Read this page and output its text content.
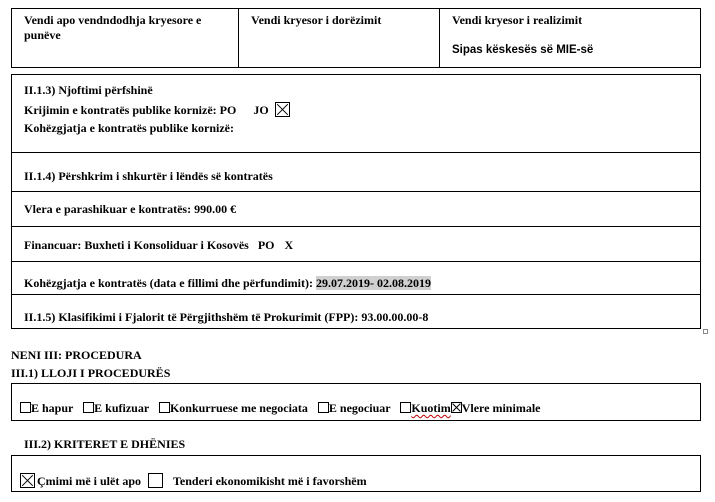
Vendi apo vendndodhja kryesore e punëve
Vendi kryesor i dorëzimit	Vendi kryesor i realizimit
Sipas këskesës së MIE-së
II.1.3) Njoftimi përfshinë
Krijimin e kontratës publike kornizë: PO JO
Kohëzgjatja e kontratës publike kornizë:
II.1.4) Përshkrim i shkurtër i lëndës së kontratës
Vlera e parashikuar e kontratës: 990.00 €
Financuar: Buxheti i Konsoliduar i Kosovës PO X
Kohëzgjatja e kontratës (data e fillimi dhe përfundimit): 29.07.2019- 02.08.2019
II.1.5) Klasifikimi i Fjalorit të Përgjithshëm të Prokurimit (FPP): 93.00.00.00-8
NENI III: PROCEDURA
III.1) LLOJI I PROCEDURËS
E hapur E kufizuar Konkurruese me negociata E negociuar Kuotim Vlere minimale
III.2) KRITERET E DHËNIES
Çmimi më i ulët apo	Tenderi ekonomikisht më i favorshëm
